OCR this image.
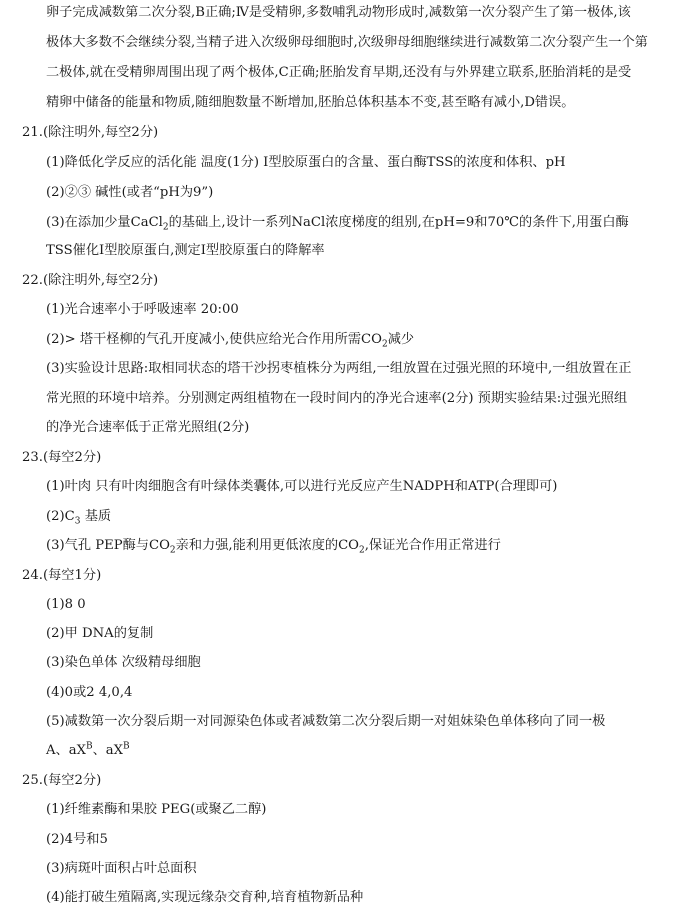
卵子完成减数第二次分裂,B正确;Ⅳ是受精卵,多数哺乳动物形成时,减数第一次分裂产生了第一极体,该
极体大多数不会继续分裂,当精子进入次级卵母细胞时,次级卵母细胞继续进行减数第二次分裂产生一个第
二极体,就在受精卵周围出现了两个极体,C正确;胚胎发育早期,还没有与外界建立联系,胚胎消耗的是受
精卵中储备的能量和物质,随细胞数量不断增加,胚胎总体积基本不变,甚至略有减小,D错误。
21.(除注明外,每空2分)
(1)降低化学反应的活化能 温度(1分) Ⅰ型胶原蛋白的含量、蛋白酶TSS的浓度和体积、pH
(2)②③ 碱性(或者“pH为9”)
(3)在添加少量CaCl$_2$的基础上,设计一系列NaCl浓度梯度的组别,在pH=9和70℃的条件下,用蛋白酶
TSS催化Ⅰ型胶原蛋白,测定Ⅰ型胶原蛋白的降解率
22.(除注明外,每空2分)
(1)光合速率小于呼吸速率 20:00
(2)> 塔干柽柳的气孔开度减小,使供应给光合作用所需$CO_2$减少
(3)实验设计思路:取相同状态的塔干沙拐枣植株分为两组,一组放置在过强光照的环境中,一组放置在正
常光照的环境中培养。分别测定两组植物在一段时间内的净光合速率(2分) 预期实验结果:过强光照组
的净光合速率低于正常光照组(2分)
23.(每空2分)
(1)叶肉 只有叶肉细胞含有叶绿体类囊体,可以进行光反应产生NADPH和ATP(合理即可)
$(2)C_3$ 基质
(3)气孔 PEP酶与$CO_2$亲和力强,能利用更低浓度的$CO_2$,保证光合作用正常进行
24.(每空1分)
(1)8 0
(2)甲 DNA的复制
(3)染色单体 次级精母细胞
(4)0或2 4,0,4
(5)减数第一次分裂后期一对同源染色体或者减数第二次分裂后期一对姐妹染色单体移向了同一极
A、$aX^B$、$aX^B$
25.(每空2分)
(1)纤维素酶和果胶 PEG(或聚乙二醇)
(2)4号和5
(3)病斑叶面积占叶总面积
(4)能打破生殖隔离,实现远缘杂交育种,培育植物新品种
